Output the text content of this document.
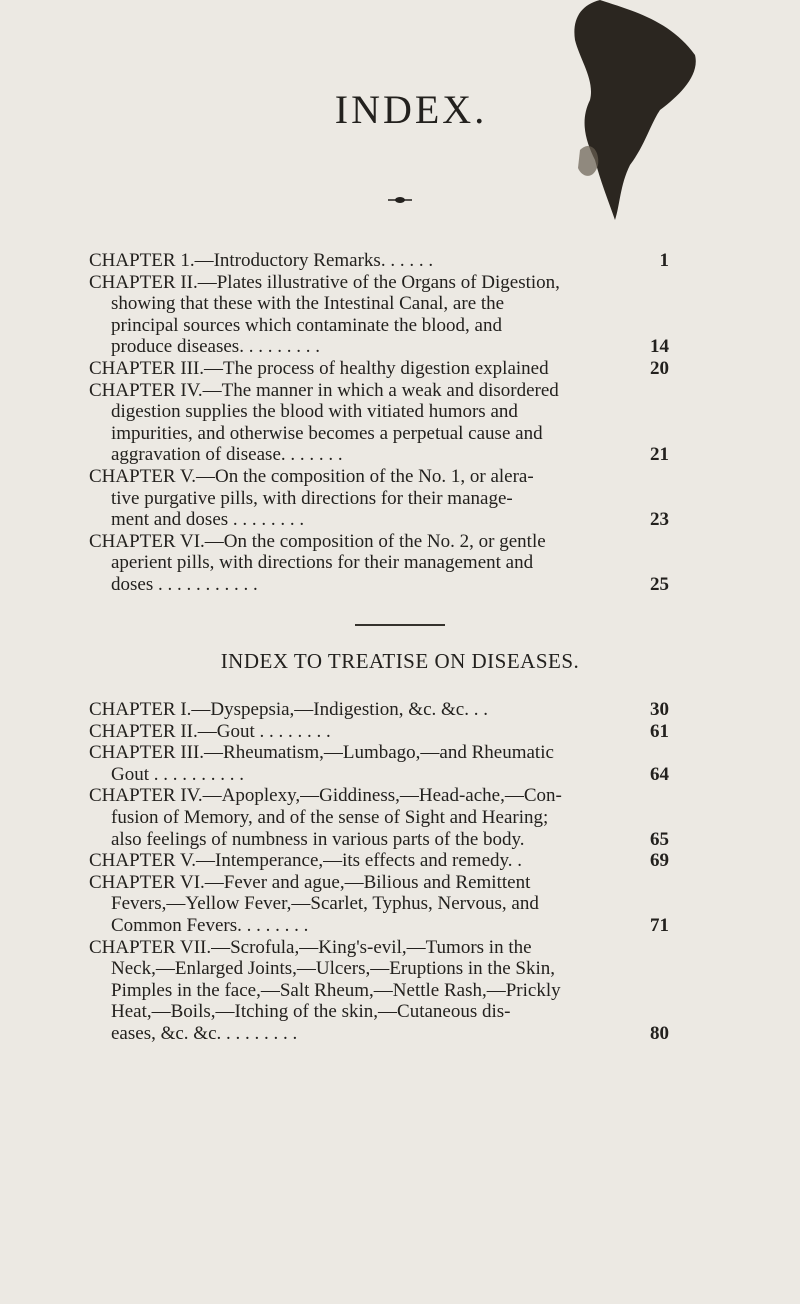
INDEX.
CHAPTER 1.—Introductory Remarks. . . . . .	1
CHAPTER II.—Plates illustrative of the Organs of Digestion,
showing that these with the Intestinal Canal, are the
principal sources which contaminate the blood, and
produce diseases. . . . . . . . .	14
CHAPTER III.—The process of healthy digestion explained	20
CHAPTER IV.—The manner in which a weak and disordered
digestion supplies the blood with vitiated humors and
impurities, and otherwise becomes a perpetual cause and
aggravation of disease. . . . . . .	21
CHAPTER V.—On the composition of the No. 1, or alera-
tive purgative pills, with directions for their manage-
ment and doses . . . . . . . .	23
CHAPTER VI.—On the composition of the No. 2, or gentle
aperient pills, with directions for their management and
doses . . . . . . . . . . .	25
INDEX TO TREATISE ON DISEASES.
CHAPTER I.—Dyspepsia,—Indigestion, &c. &c. . .	30
CHAPTER II.—Gout . . . . . . . .	61
CHAPTER III.—Rheumatism,—Lumbago,—and Rheumatic
Gout . . . . . . . . . .	64
CHAPTER IV.—Apoplexy,—Giddiness,—Head-ache,—Con-
fusion of Memory, and of the sense of Sight and Hearing;
also feelings of numbness in various parts of the body.	65
CHAPTER V.—Intemperance,—its effects and remedy. .	69
CHAPTER VI.—Fever and ague,—Bilious and Remittent
Fevers,—Yellow Fever,—Scarlet, Typhus, Nervous, and
Common Fevers. . . . . . . .	71
CHAPTER VII.—Scrofula,—King's-evil,—Tumors in the
Neck,—Enlarged Joints,—Ulcers,—Eruptions in the Skin,
Pimples in the face,—Salt Rheum,—Nettle Rash,—Prickly
Heat,—Boils,—Itching of the skin,—Cutaneous dis-
eases, &c. &c. . . . . . . . .	80
